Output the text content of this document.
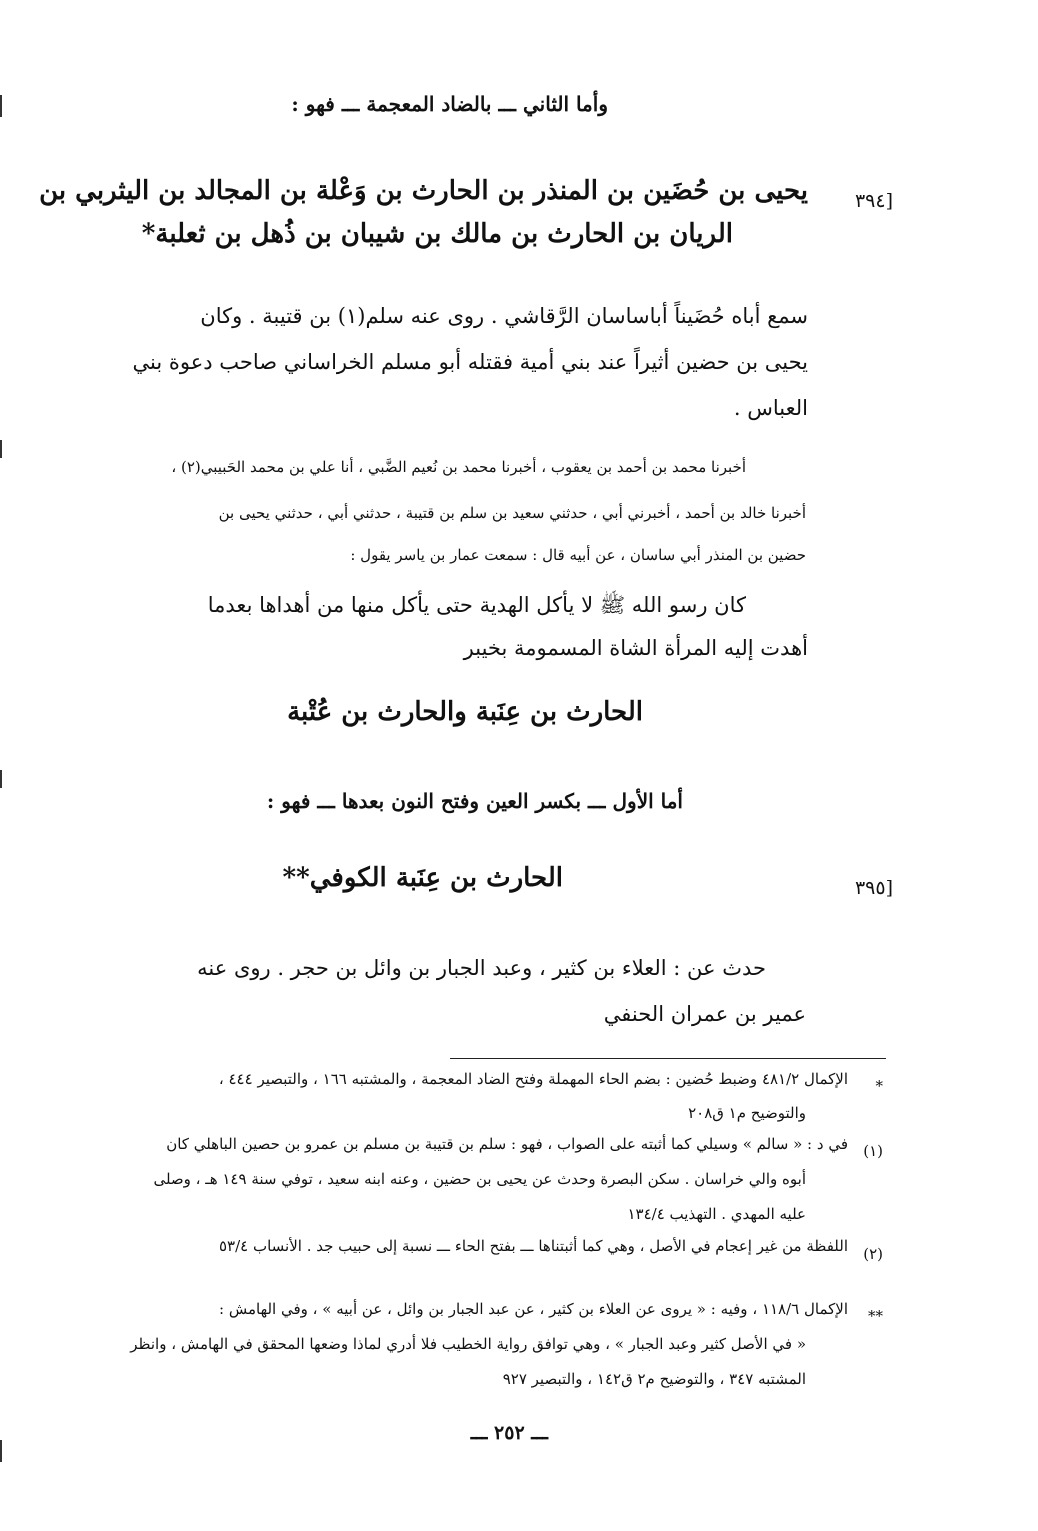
وأما الثاني ـــ بالضاد المعجمة ـــ فهو :
[٣٩٤
يحيى بن حُضَين بن المنذر بن الحارث بن وَعْلة بن المجالد بن اليثربي بن
الريان بن الحارث بن مالك بن شيبان بن ذُهل بن ثعلبة*
سمع أباه حُضَيناً أباساسان الرَّقاشي . روى عنه سلم(١) بن قتيبة . وكان
يحيى بن حضين أثيراً عند بني أمية فقتله أبو مسلم الخراساني صاحب دعوة بني
العباس .
أخبرنا محمد بن أحمد بن يعقوب ، أخبرنا محمد بن نُعيم الضَّبي ، أنا علي بن محمد الحَبيبي(٢) ،
أخبرنا خالد بن أحمد ، أخبرني أبي ، حدثني سعيد بن سلم بن قتيبة ، حدثني أبي ، حدثني يحيى بن
حضين بن المنذر أبي ساسان ، عن أبيه قال : سمعت عمار بن ياسر يقول :
كان رسو الله ﷺ لا يأكل الهدية حتى يأكل منها من أهداها بعدما
أهدت إليه المرأة الشاة المسمومة بخيبر
الحارث بن عِنَبة والحارث بن عُتْبة
أما الأول ـــ بكسر العين وفتح النون بعدها ـــ فهو :
[٣٩٥
الحارث بن عِنَبة الكوفي**
حدث عن : العلاء بن كثير ، وعبد الجبار بن وائل بن حجر . روى عنه
عمير بن عمران الحنفي
*
الإكمال ٤٨١/٢ وضبط حُضين : بضم الحاء المهملة وفتح الضاد المعجمة ، والمشتبه ١٦٦ ، والتبصير ٤٤٤ ،
والتوضيح م١ ق٢٠٨
(١)
في د : « سالم » وسيلي كما أثبته على الصواب ، فهو : سلم بن قتيبة بن مسلم بن عمرو بن حصين الباهلي كان
أبوه والي خراسان . سكن البصرة وحدث عن يحيى بن حضين ، وعنه ابنه سعيد ، توفي سنة ١٤٩ هـ ، وصلى
عليه المهدي . التهذيب ١٣٤/٤
(٢)
اللفظة من غير إعجام في الأصل ، وهي كما أثبتناها ـــ بفتح الحاء ـــ نسبة إلى حبيب جد . الأنساب ٥٣/٤
**
الإكمال ١١٨/٦ ، وفيه : « يروى عن العلاء بن كثير ، عن عبد الجبار بن وائل ، عن أبيه » ، وفي الهامش :
« في الأصل كثير وعبد الجبار » ، وهي توافق رواية الخطيب فلا أدري لماذا وضعها المحقق في الهامش ، وانظر
المشتبه ٣٤٧ ، والتوضيح م٢ ق١٤٢ ، والتبصير ٩٢٧
ـــ ٢٥٢ ـــ
